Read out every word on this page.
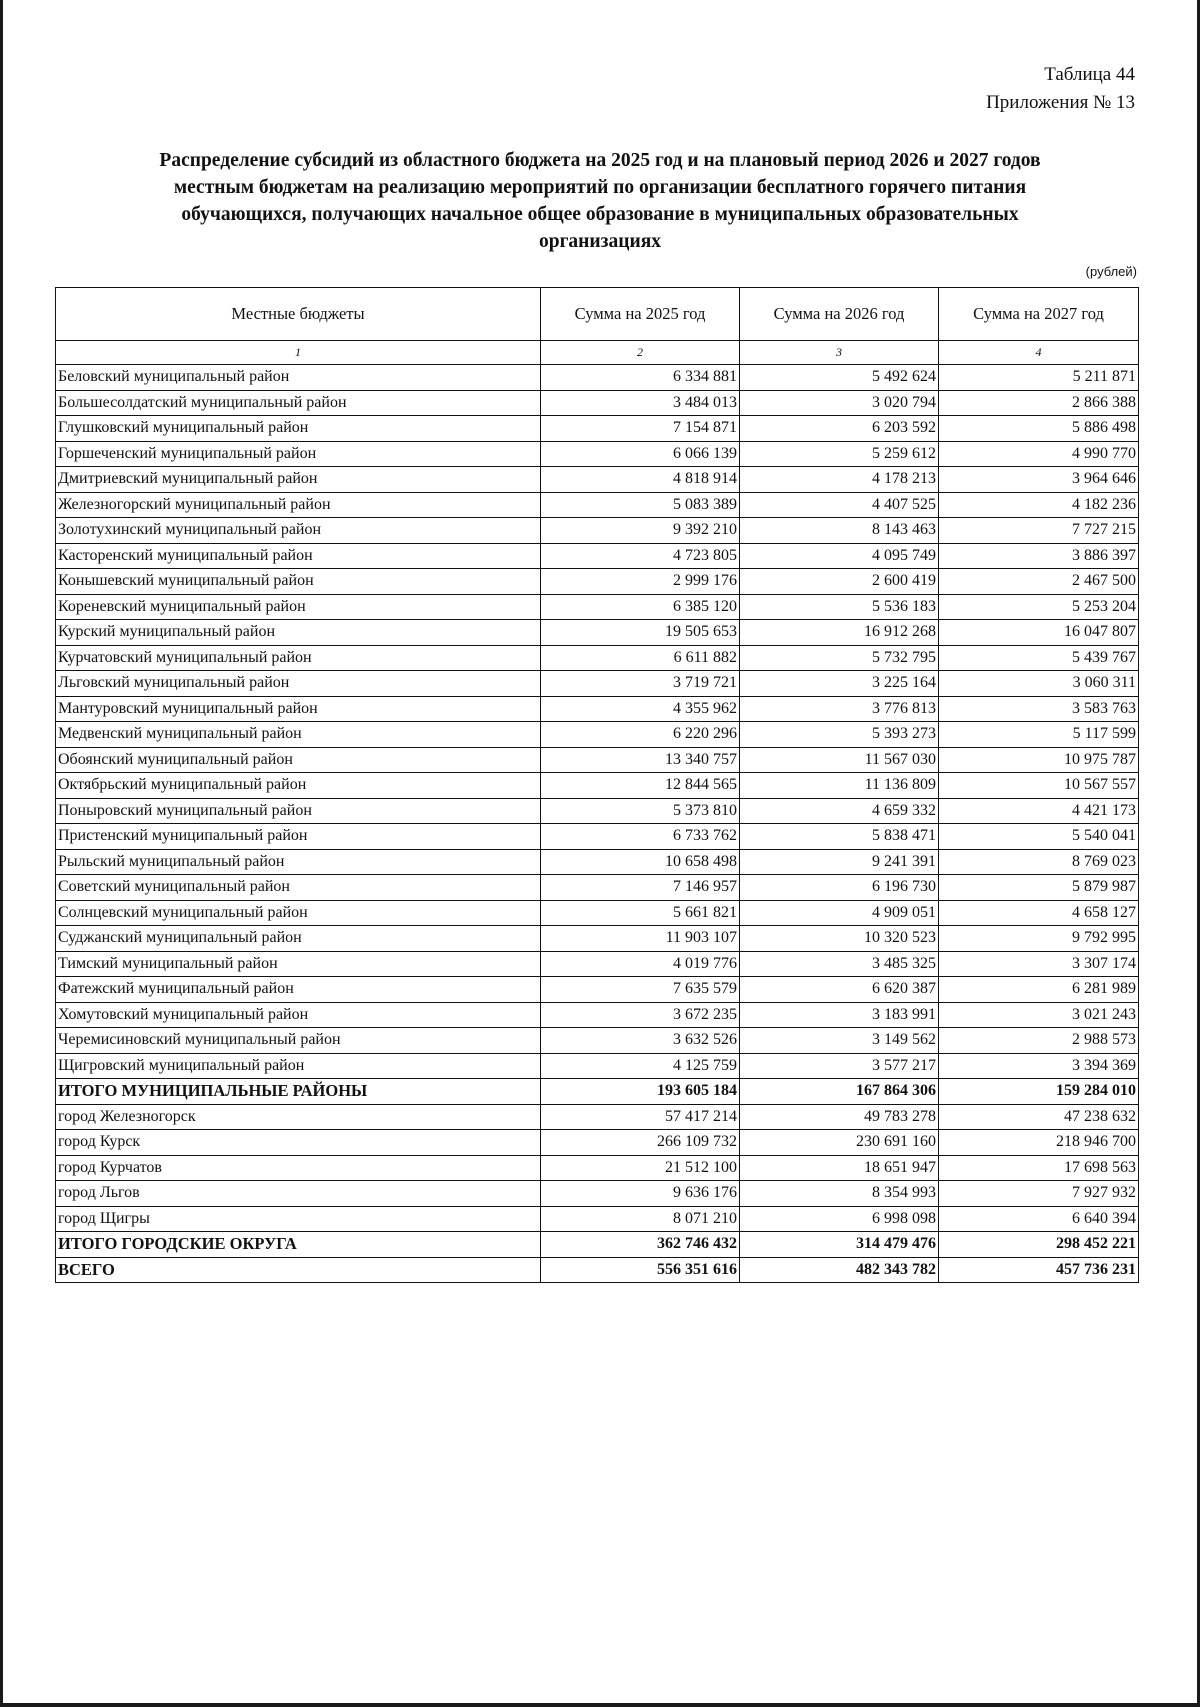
Таблица 44
Приложения № 13
Распределение субсидий из областного бюджета на 2025 год и на плановый период 2026 и 2027 годов
местным бюджетам на реализацию мероприятий по организации бесплатного горячего питания
обучающихся, получающих начальное общее образование в муниципальных образовательных
организациях
(рублей)
Местные бюджеты	Сумма на 2025 год	Сумма на 2026 год	Сумма на 2027 год
1	2	3	4
Беловский муниципальный район	6 334 881	5 492 624	5 211 871
Большесолдатский муниципальный район	3 484 013	3 020 794	2 866 388
Глушковский муниципальный район	7 154 871	6 203 592	5 886 498
Горшеченский муниципальный район	6 066 139	5 259 612	4 990 770
Дмитриевский муниципальный район	4 818 914	4 178 213	3 964 646
Железногорский муниципальный район	5 083 389	4 407 525	4 182 236
Золотухинский муниципальный район	9 392 210	8 143 463	7 727 215
Касторенский муниципальный район	4 723 805	4 095 749	3 886 397
Конышевский муниципальный район	2 999 176	2 600 419	2 467 500
Кореневский муниципальный район	6 385 120	5 536 183	5 253 204
Курский муниципальный район	19 505 653	16 912 268	16 047 807
Курчатовский муниципальный район	6 611 882	5 732 795	5 439 767
Льговский муниципальный район	3 719 721	3 225 164	3 060 311
Мантуровский муниципальный район	4 355 962	3 776 813	3 583 763
Медвенский муниципальный район	6 220 296	5 393 273	5 117 599
Обоянский муниципальный район	13 340 757	11 567 030	10 975 787
Октябрьский муниципальный район	12 844 565	11 136 809	10 567 557
Поныровский муниципальный район	5 373 810	4 659 332	4 421 173
Пристенский муниципальный район	6 733 762	5 838 471	5 540 041
Рыльский муниципальный район	10 658 498	9 241 391	8 769 023
Советский муниципальный район	7 146 957	6 196 730	5 879 987
Солнцевский муниципальный район	5 661 821	4 909 051	4 658 127
Суджанский муниципальный район	11 903 107	10 320 523	9 792 995
Тимский муниципальный район	4 019 776	3 485 325	3 307 174
Фатежский муниципальный район	7 635 579	6 620 387	6 281 989
Хомутовский муниципальный район	3 672 235	3 183 991	3 021 243
Черемисиновский муниципальный район	3 632 526	3 149 562	2 988 573
Щигровский муниципальный район	4 125 759	3 577 217	3 394 369
ИТОГО МУНИЦИПАЛЬНЫЕ РАЙОНЫ	193 605 184	167 864 306	159 284 010
город Железногорск	57 417 214	49 783 278	47 238 632
город Курск	266 109 732	230 691 160	218 946 700
город Курчатов	21 512 100	18 651 947	17 698 563
город Льгов	9 636 176	8 354 993	7 927 932
город Щигры	8 071 210	6 998 098	6 640 394
ИТОГО ГОРОДСКИЕ ОКРУГА	362 746 432	314 479 476	298 452 221
ВСЕГО	556 351 616	482 343 782	457 736 231
